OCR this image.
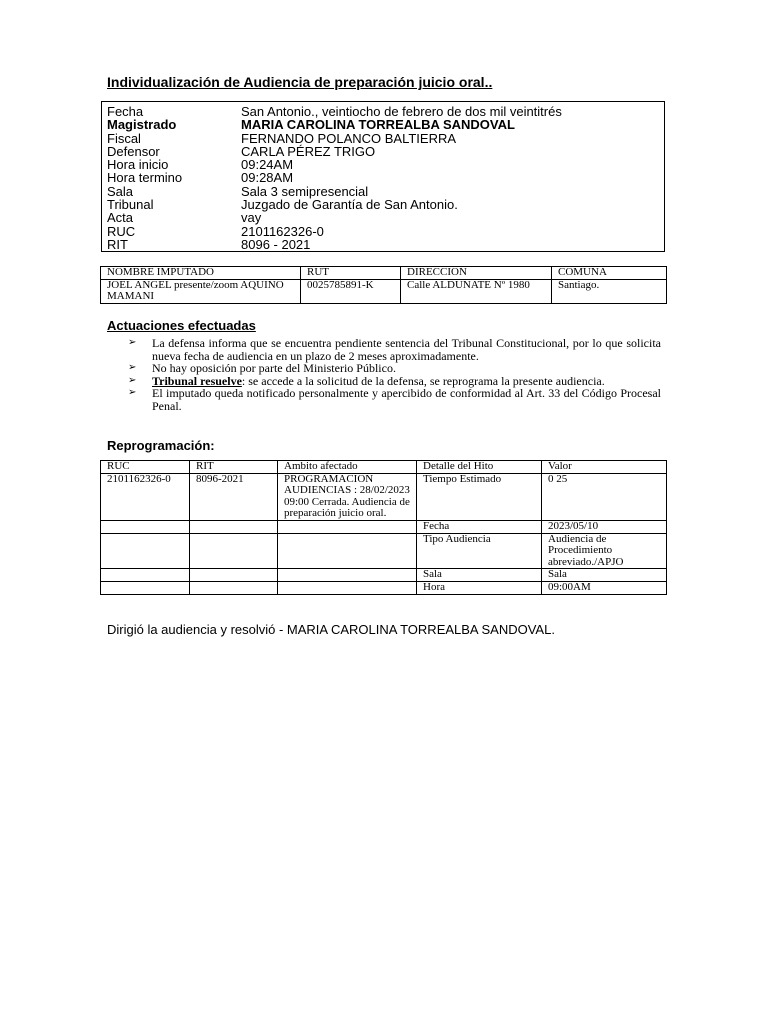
Individualización de Audiencia de preparación juicio oral..
Fecha	San Antonio., veintiocho de febrero de dos mil veintitrés
Magistrado	MARIA CAROLINA TORREALBA SANDOVAL
Fiscal	FERNANDO POLANCO BALTIERRA
Defensor	CARLA PÉREZ TRIGO
Hora inicio	09:24AM
Hora termino	09:28AM
Sala	Sala 3 semipresencial
Tribunal	Juzgado de Garantía de San Antonio.
Acta	vay
RUC	2101162326-0
RIT	8096 - 2021
NOMBRE IMPUTADO	RUT	DIRECCION	COMUNA
JOEL ANGEL presente/zoom AQUINO MAMANI	0025785891-K	Calle ALDUNATE Nº 1980	Santiago.
Actuaciones efectuadas
➢	La defensa informa que se encuentra pendiente sentencia del Tribunal Constitucional, por lo que solicita nueva fecha de audiencia en un plazo de 2 meses aproximadamente.
➢	No hay oposición por parte del Ministerio Público.
➢	Tribunal resuelve: se accede a la solicitud de la defensa, se reprograma la presente audiencia.
➢	El imputado queda notificado personalmente y apercibido de conformidad al Art. 33 del Código Procesal Penal.
Reprogramación:
RUC	RIT	Ambito afectado	Detalle del Hito	Valor
2101162326-0	8096-2021	PROGRAMACION AUDIENCIAS : 28/02/2023 09:00 Cerrada. Audiencia de preparación juicio oral.	Tiempo Estimado	0 25
			Fecha	2023/05/10
			Tipo Audiencia	Audiencia de Procedimiento abreviado./APJO
			Sala	Sala
			Hora	09:00AM
Dirigió la audiencia y resolvió - MARIA CAROLINA TORREALBA SANDOVAL.
